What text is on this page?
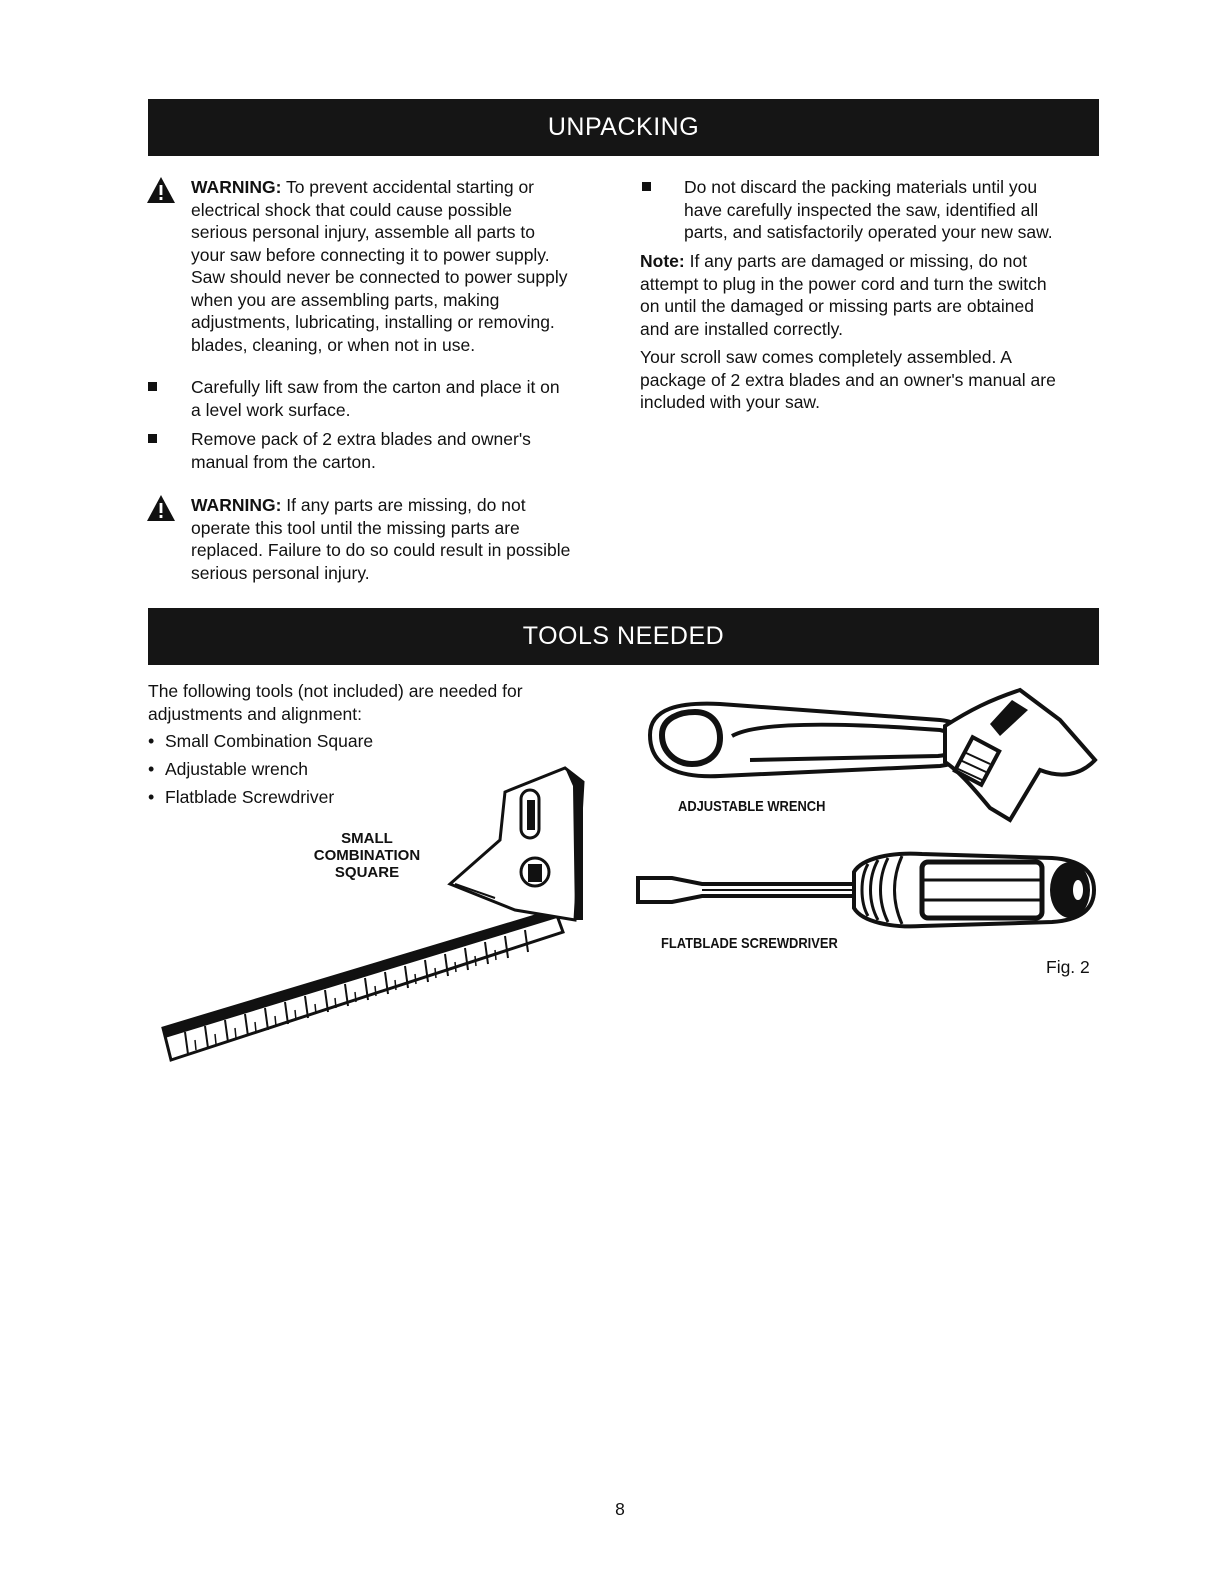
UNPACKING
WARNING: To prevent accidental starting or
electrical shock that could cause possible
serious personal injury, assemble all parts to
your saw before connecting it to power supply.
Saw should never be connected to power supply
when you are assembling parts, making
adjustments, lubricating, installing or removing.
blades, cleaning, or when not in use.
Carefully lift saw from the carton and place it on
a level work surface.
Remove pack of 2 extra blades and owner's
manual from the carton.
WARNING: If any parts are missing, do not
operate this tool until the missing parts are
replaced. Failure to do so could result in possible
serious personal injury.
Do not discard the packing materials until you
have carefully inspected the saw, identified all
parts, and satisfactorily operated your new saw.
Note: If any parts are damaged or missing, do not
attempt to plug in the power cord and turn the switch
on until the damaged or missing parts are obtained
and are installed correctly.
Your scroll saw comes completely assembled. A
package of 2 extra blades and an owner's manual are
included with your saw.
TOOLS NEEDED
The following tools (not included) are needed for
adjustments and alignment:
• Small Combination Square
• Adjustable wrench
• Flatblade Screwdriver
SMALL
COMBINATION
SQUARE
ADJUSTABLE WRENCH
FLATBLADE SCREWDRIVER
Fig. 2
8
